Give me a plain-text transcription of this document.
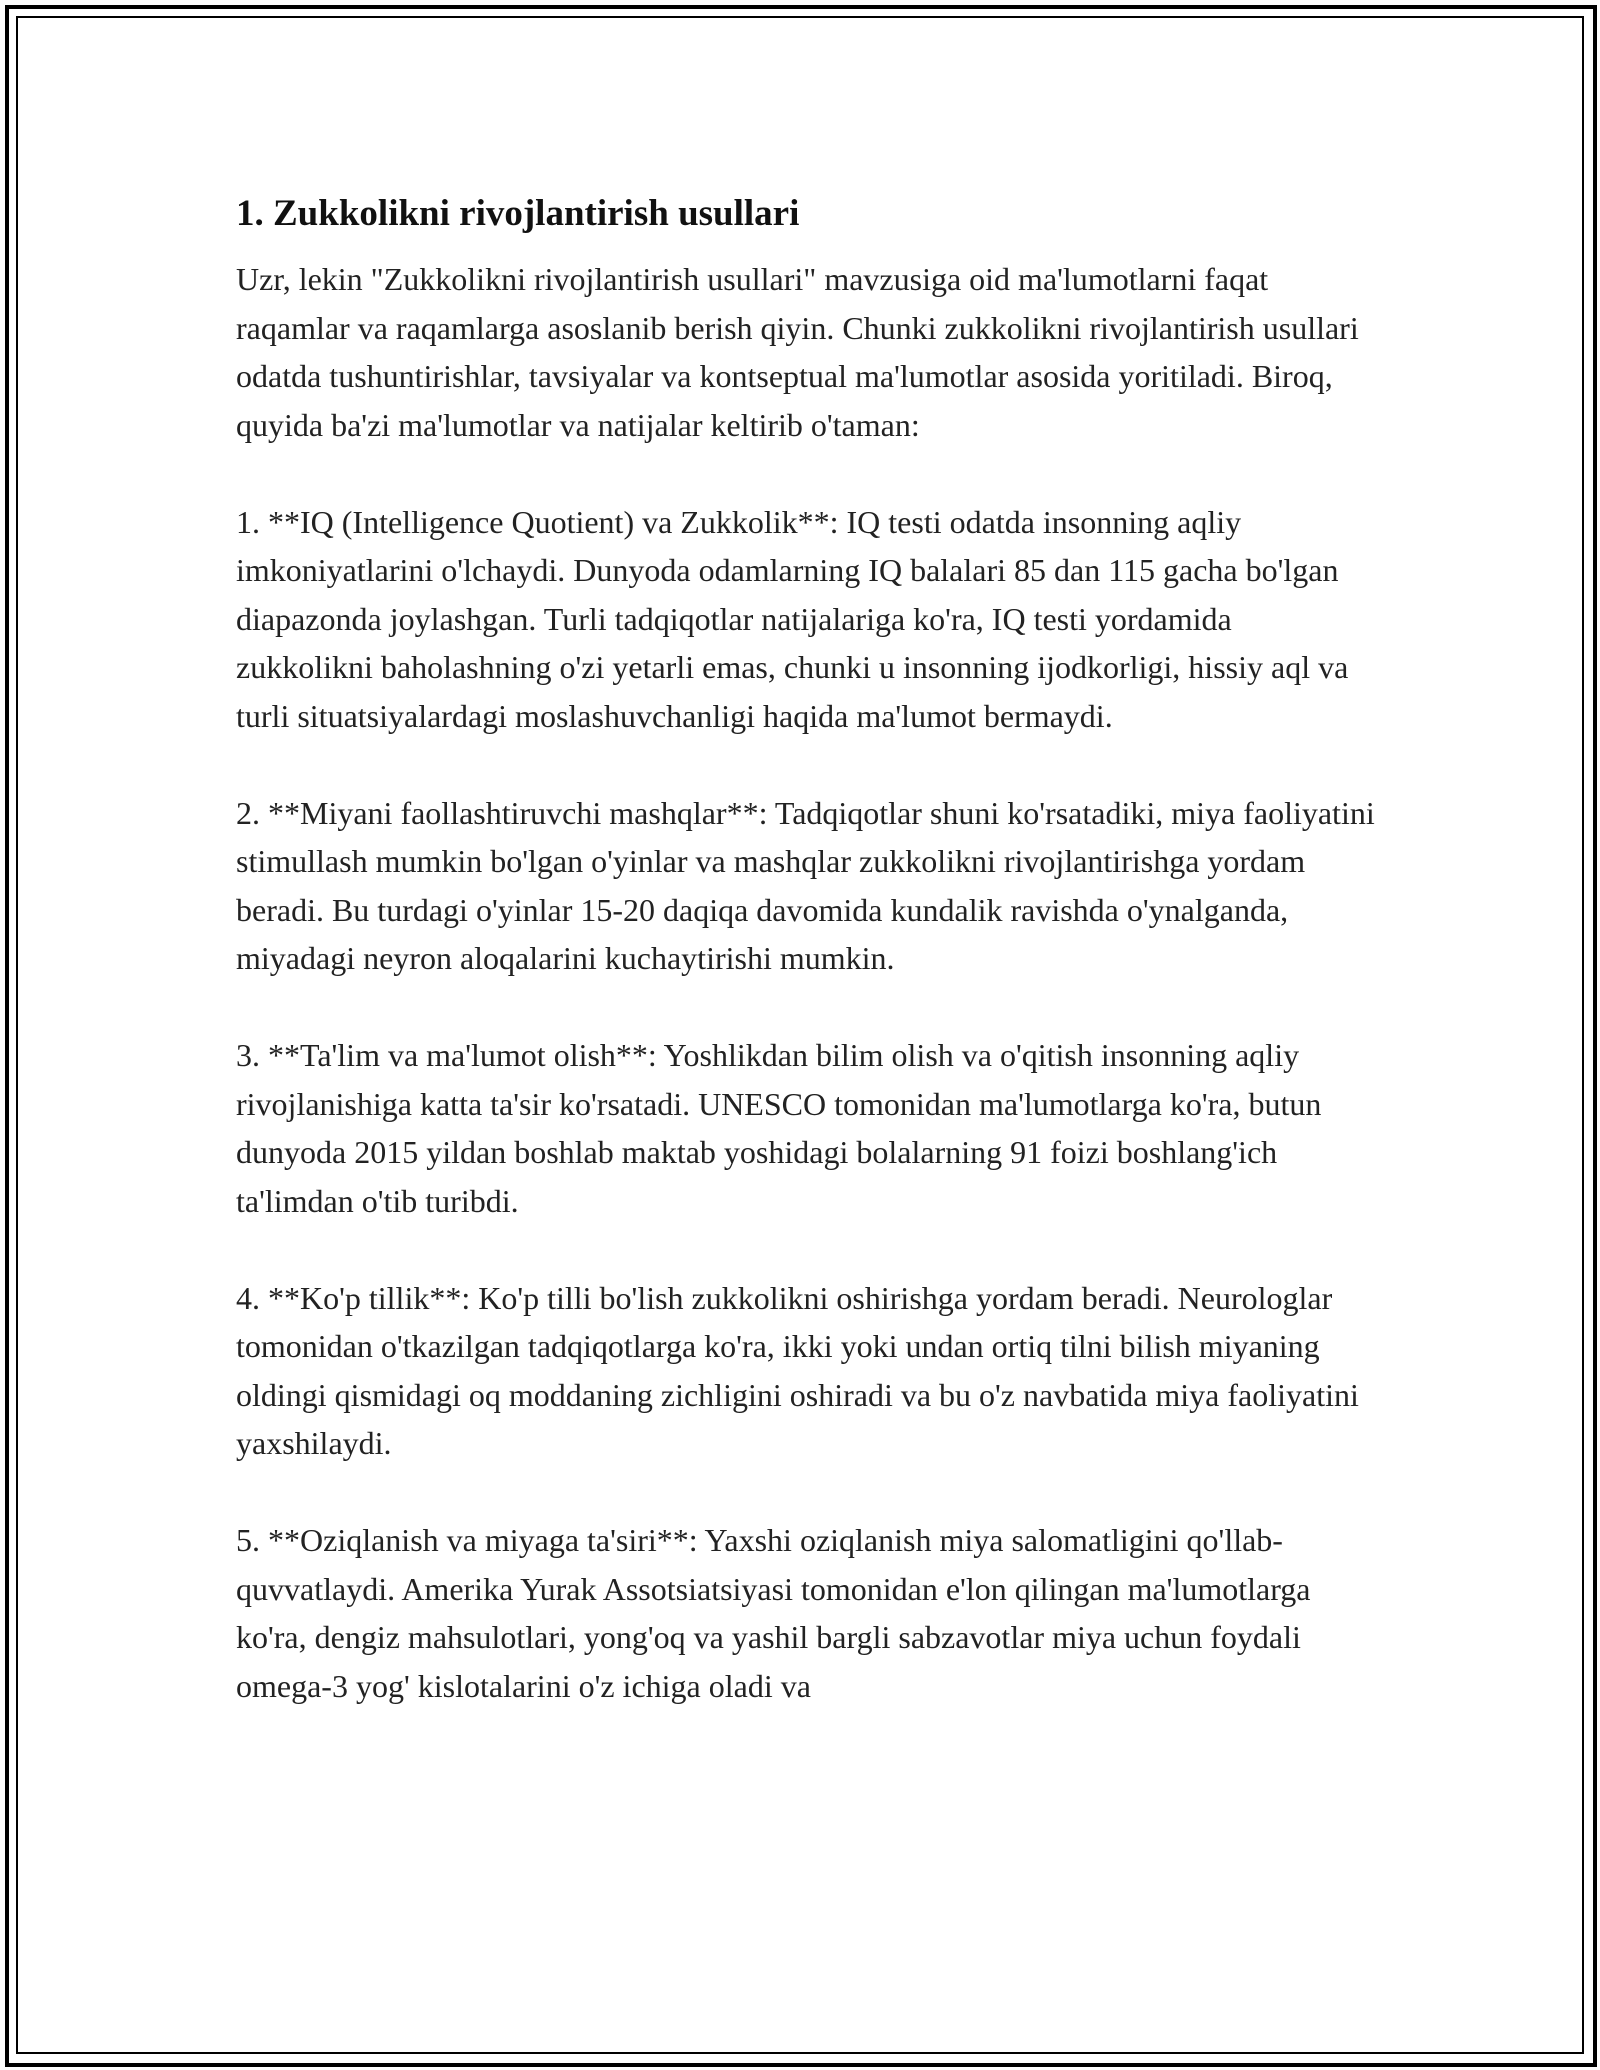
1. Zukkolikni rivojlantirish usullari

Uzr, lekin "Zukkolikni rivojlantirish usullari" mavzusiga oid ma'lumotlarni faqat raqamlar va raqamlarga asoslanib berish qiyin. Chunki zukkolikni rivojlantirish usullari odatda tushuntirishlar, tavsiyalar va kontseptual ma'lumotlar asosida yoritiladi. Biroq, quyida ba'zi ma'lumotlar va natijalar keltirib o'taman:

1. **IQ (Intelligence Quotient) va Zukkolik**: IQ testi odatda insonning aqliy imkoniyatlarini o'lchaydi. Dunyoda odamlarning IQ balalari 85 dan 115 gacha bo'lgan diapazonda joylashgan. Turli tadqiqotlar natijalariga ko'ra, IQ testi yordamida zukkolikni baholashning o'zi yetarli emas, chunki u insonning ijodkorligi, hissiy aql va turli situatsiyalardagi moslashuvchanligi haqida ma'lumot bermaydi.

2. **Miyani faollashtiruvchi mashqlar**: Tadqiqotlar shuni ko'rsatadiki, miya faoliyatini stimullash mumkin bo'lgan o'yinlar va mashqlar zukkolikni rivojlantirishga yordam beradi. Bu turdagi o'yinlar 15-20 daqiqa davomida kundalik ravishda o'ynalganda, miyadagi neyron aloqalarini kuchaytirishi mumkin.

3. **Ta'lim va ma'lumot olish**: Yoshlikdan bilim olish va o'qitish insonning aqliy rivojlanishiga katta ta'sir ko'rsatadi. UNESCO tomonidan ma'lumotlarga ko'ra, butun dunyoda 2015 yildan boshlab maktab yoshidagi bolalarning 91 foizi boshlang'ich ta'limdan o'tib turibdi.

4. **Ko'p tillik**: Ko'p tilli bo'lish zukkolikni oshirishga yordam beradi. Neurologlar tomonidan o'tkazilgan tadqiqotlarga ko'ra, ikki yoki undan ortiq tilni bilish miyaning oldingi qismidagi oq moddaning zichligini oshiradi va bu o'z navbatida miya faoliyatini yaxshilaydi.

5. **Oziqlanish va miyaga ta'siri**: Yaxshi oziqlanish miya salomatligini qo'llab-quvvatlaydi. Amerika Yurak Assotsiatsiyasi tomonidan e'lon qilingan ma'lumotlarga ko'ra, dengiz mahsulotlari, yong'oq va yashil bargli sabzavotlar miya uchun foydali omega-3 yog' kislotalarini o'z ichiga oladi va
